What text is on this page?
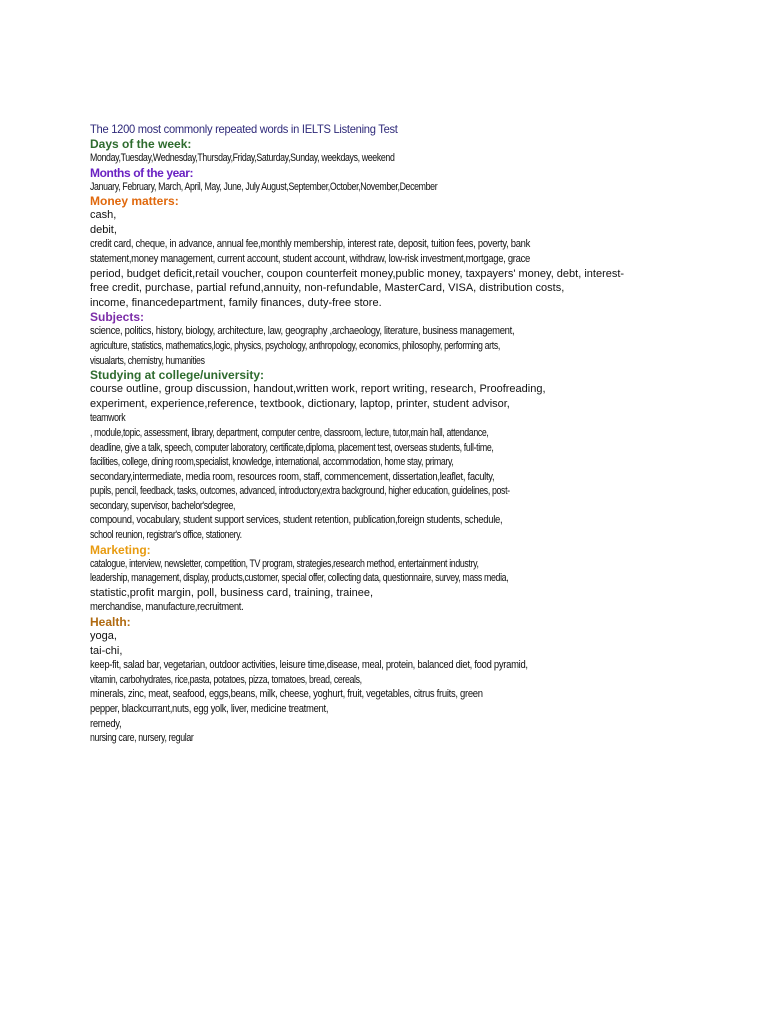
The 1200 most commonly repeated words in IELTS Listening Test
Days of the week:
Monday,Tuesday,Wednesday,Thursday,Friday,Saturday,Sunday, weekdays, weekend
Months of the year:
January, February, March, April, May, June, July August,September,October,November,December
Money matters:
cash,
debit,
credit card, cheque, in advance, annual fee,monthly membership, interest rate, deposit, tuition fees, poverty, bank
statement,money management, current account, student account, withdraw, low-risk investment,mortgage, grace
period, budget deficit,retail voucher, coupon counterfeit money,public money, taxpayers' money, debt, interest-
free credit, purchase, partial refund,annuity, non-refundable, MasterCard, VISA, distribution costs,
income, financedepartment, family finances, duty-free store.
Subjects:
science, politics, history, biology, architecture, law, geography ,archaeology, literature, business management,
agriculture, statistics, mathematics,logic, physics, psychology, anthropology, economics, philosophy, performing arts,
visualarts, chemistry, humanities
Studying at college/university:
course outline, group discussion, handout,written work, report writing, research, Proofreading,
experiment, experience,reference, textbook, dictionary, laptop, printer, student advisor,
teamwork
, module,topic, assessment, library, department, computer centre, classroom, lecture, tutor,main hall, attendance,
deadline, give a talk, speech, computer laboratory, certificate,diploma, placement test, overseas students, full-time,
facilities, college, dining room,specialist, knowledge, international, accommodation, home stay, primary,
secondary,intermediate, media room, resources room, staff, commencement, dissertation,leaflet, faculty,
pupils, pencil, feedback, tasks, outcomes, advanced, introductory,extra background, higher education, guidelines, post-
secondary, supervisor, bachelor'sdegree,
compound, vocabulary, student support services, student retention, publication,foreign students, schedule,
school reunion, registrar's office, stationery.
Marketing:
catalogue, interview, newsletter, competition, TV program, strategies,research method, entertainment industry,
leadership, management, display, products,customer, special offer, collecting data, questionnaire, survey, mass media,
statistic,profit margin, poll, business card, training, trainee,
merchandise, manufacture,recruitment.
Health:
yoga,
tai-chi,
keep-fit, salad bar, vegetarian, outdoor activities, leisure time,disease, meal, protein, balanced diet, food pyramid,
vitamin, carbohydrates, rice,pasta, potatoes, pizza, tomatoes, bread, cereals,
minerals, zinc, meat, seafood, eggs,beans, milk, cheese, yoghurt, fruit, vegetables, citrus fruits, green
pepper, blackcurrant,nuts, egg yolk, liver, medicine treatment,
remedy,
nursing care, nursery, regular
